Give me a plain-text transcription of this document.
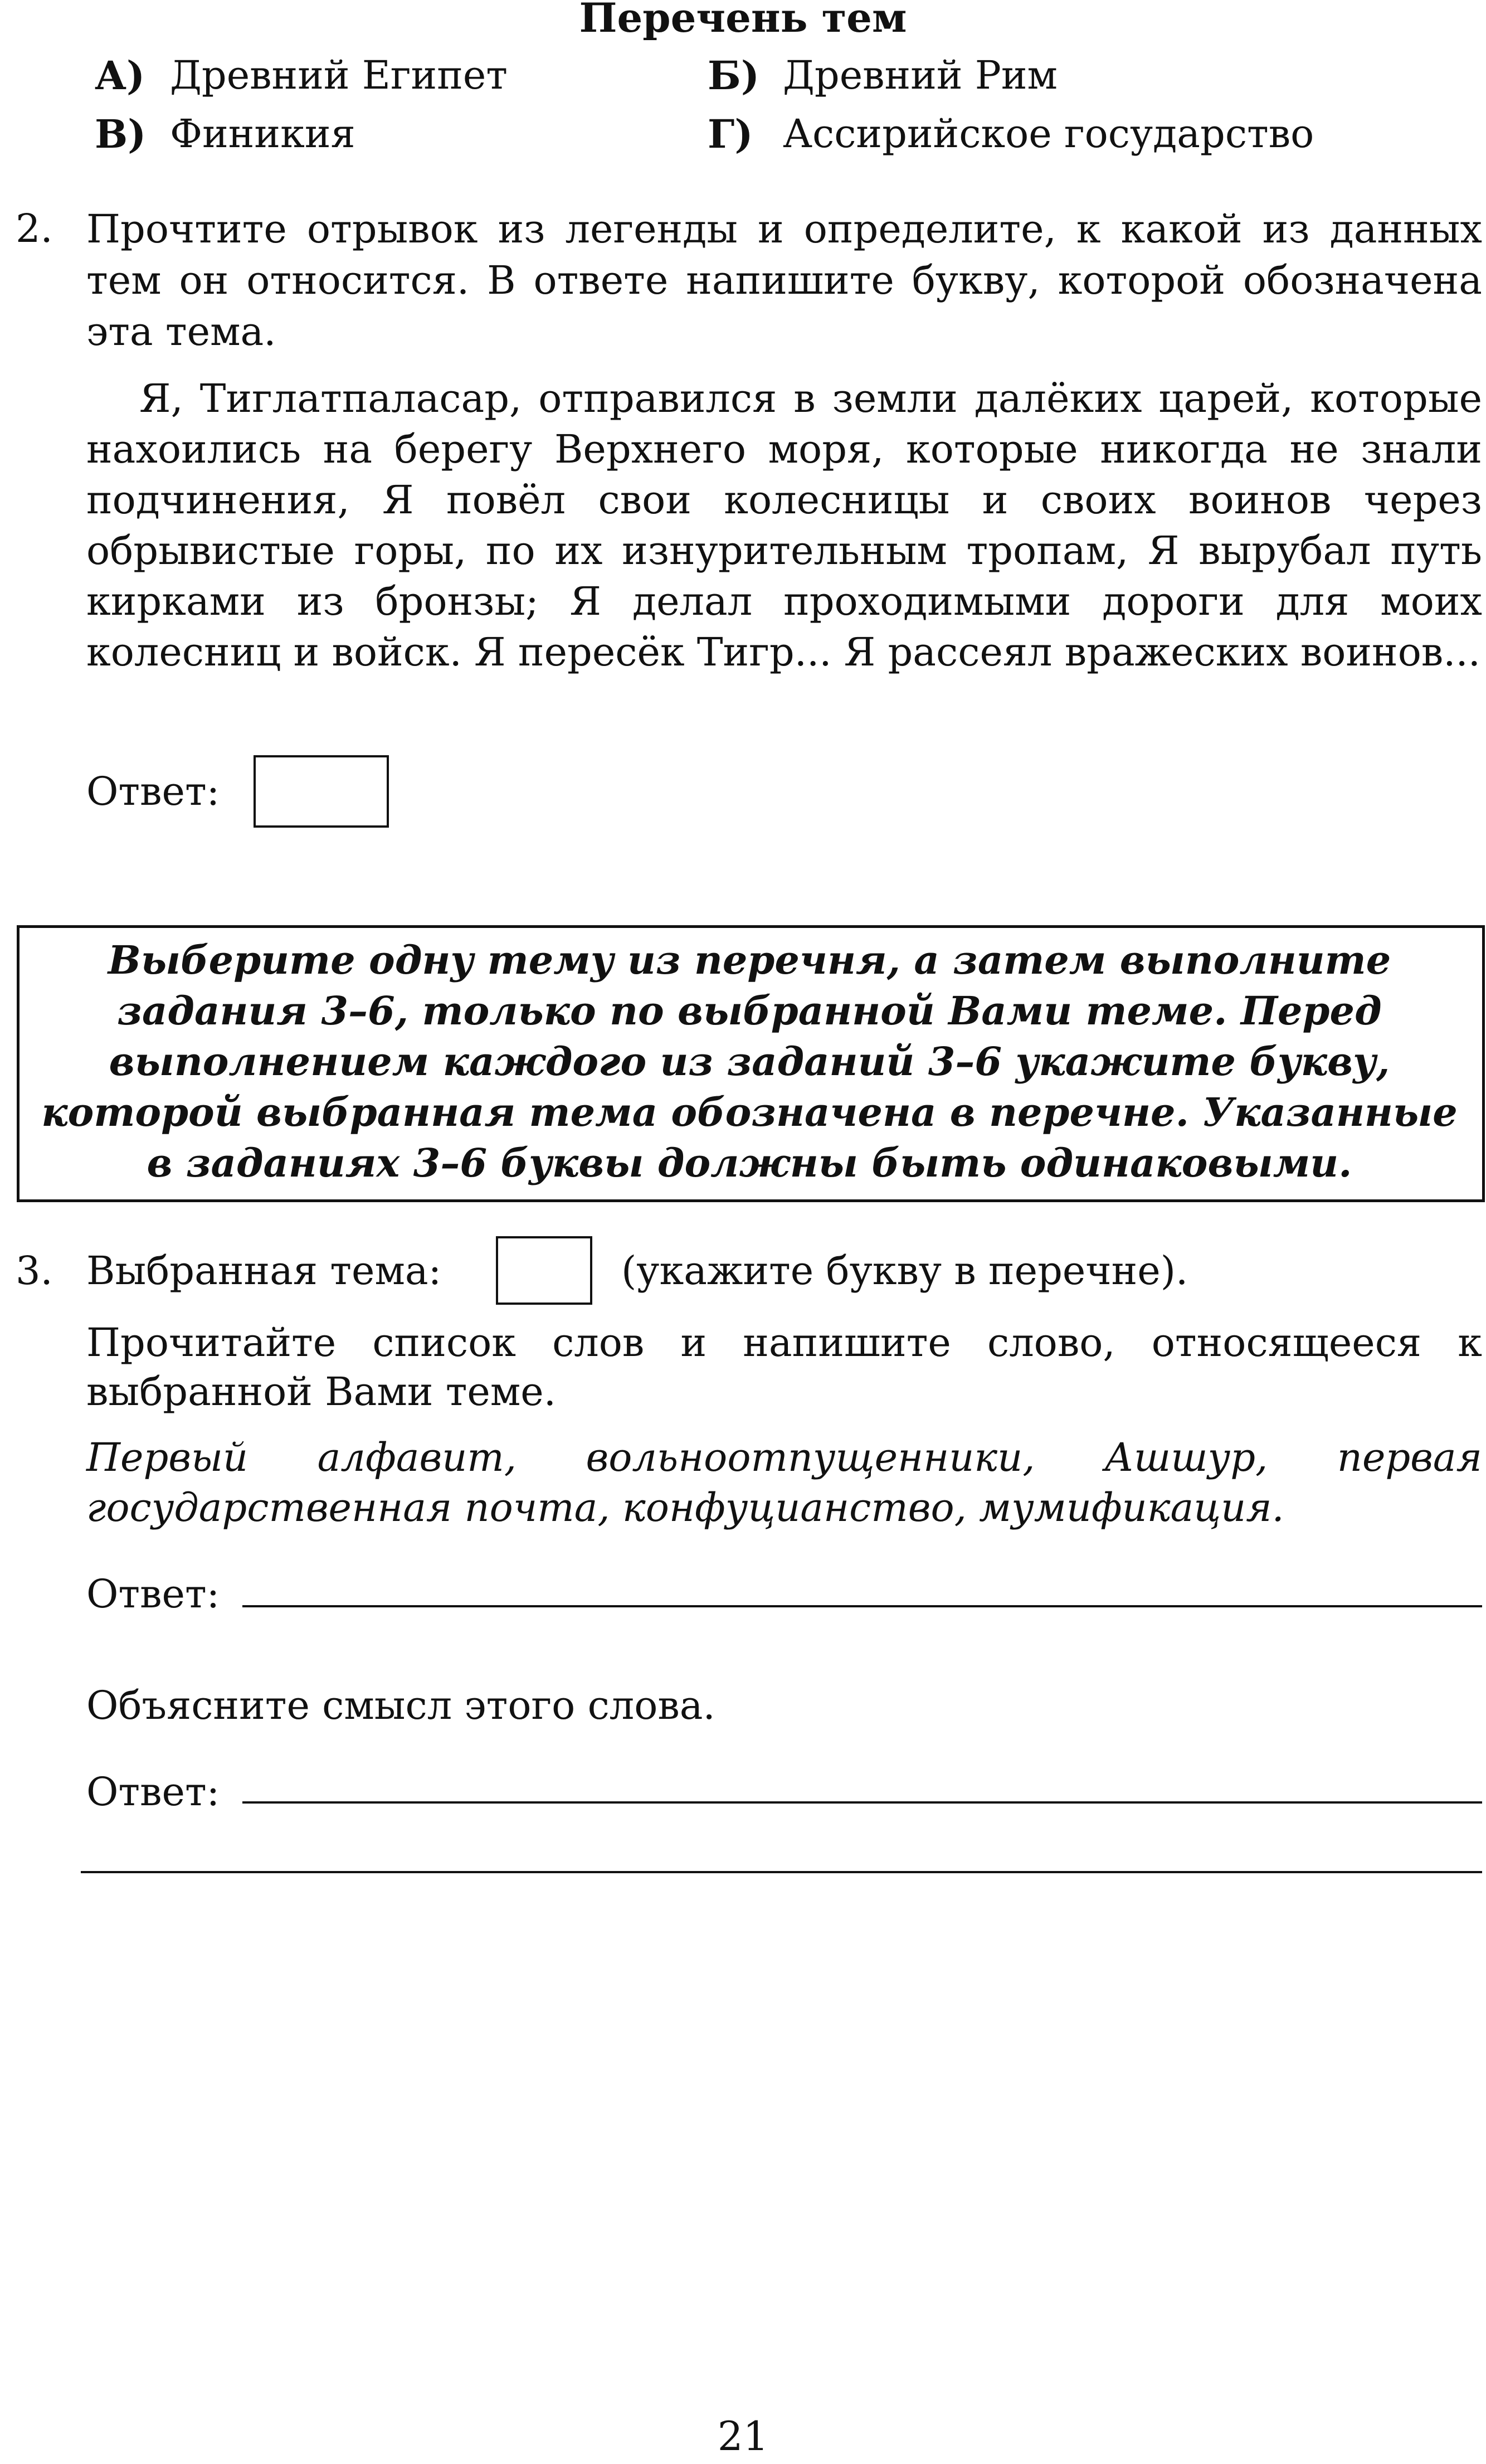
Перечень тем
А) Древний Египет	Б) Древний Рим
В) Финикия	Г) Ассирийское государство
2. Прочтите отрывок из легенды и определите, к какой из данных тем он относится. В ответе напишите букву, которой обозначена эта тема.
Я, Тиглатпаласар, отправился в земли далёких царей, которые нахоились на берегу Верхнего моря, которые никогда не знали подчинения, Я повёл свои колесницы и своих воинов через обрывистые горы, по их изнурительным тропам, Я вырубал путь кирками из бронзы; Я делал проходимыми дороги для моих колесниц и войск. Я пересёк Тигр... Я рассеял вражеских воинов...
Ответ:
Выберите одну тему из перечня, а затем выполните задания 3–6, только по выбранной Вами теме. Перед выполнением каждого из заданий 3–6 укажите букву, которой выбранная тема обозначена в перечне. Указанные в заданиях 3–6 буквы должны быть одинаковыми.
3. Выбранная тема:	(укажите букву в перечне).
Прочитайте список слов и напишите слово, относящееся к выбранной Вами теме.
Первый алфавит, вольноотпущенники, Ашшур, первая государственная почта, конфуцианство, мумификация.
Ответ:
Объясните смысл этого слова.
Ответ:
21
